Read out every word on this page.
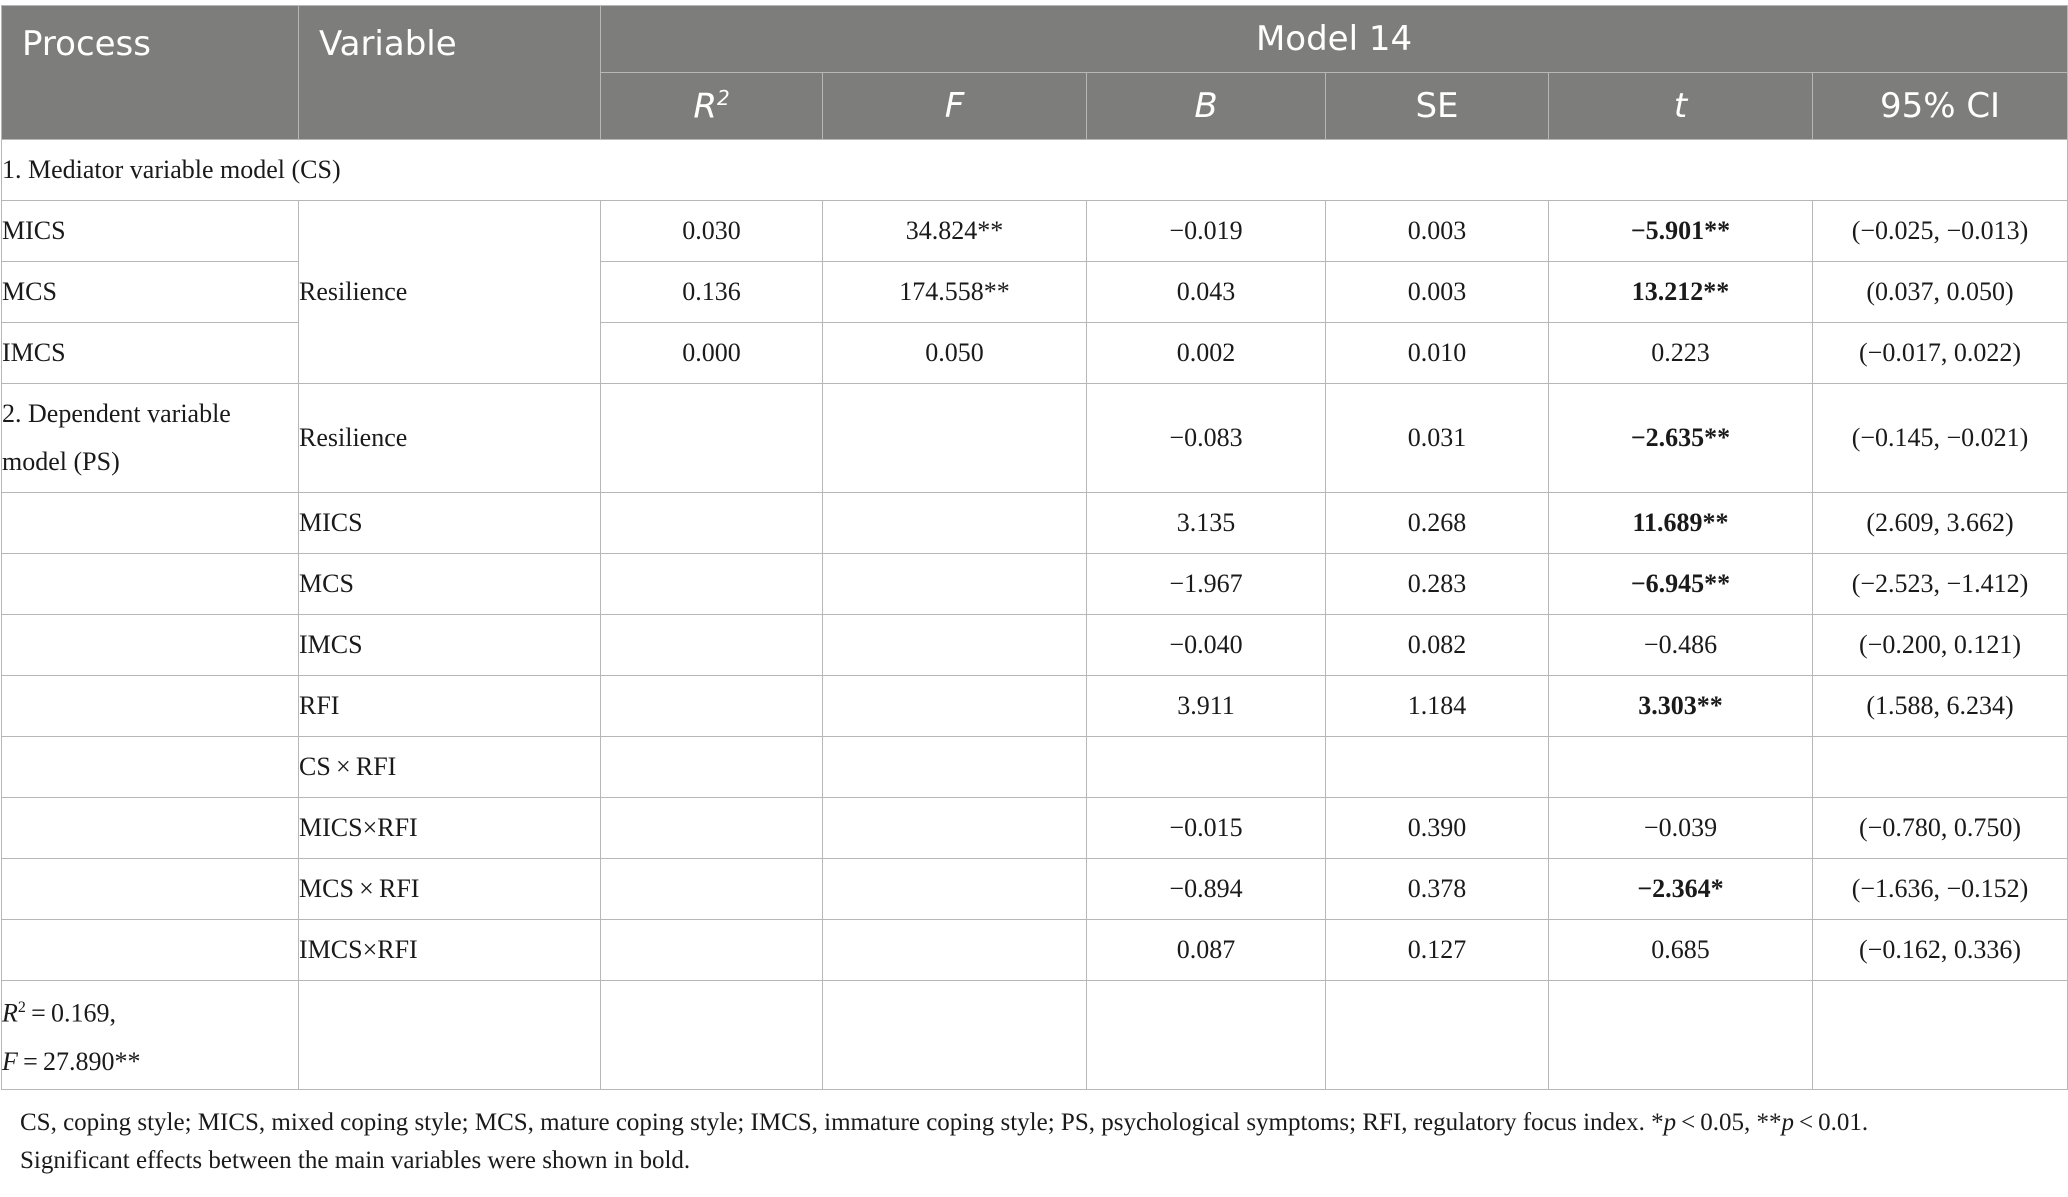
Process	Variable	Model 14					
		$R^2$	F	B	SE	t	95% CI
1. Mediator variable model (CS)							
MICS	Resilience	0.030	34.824**	−0.019	0.003	−5.901**	(−0.025, −0.013)
MCS		0.136	174.558**	0.043	0.003	13.212**	(0.037, 0.050)
IMCS		0.000	0.050	0.002	0.010	0.223	(−0.017, 0.022)
2. Dependent variable
model (PS)	Resilience			−0.083	0.031	−2.635**	(−0.145, −0.021)
	MICS			3.135	0.268	11.689**	(2.609, 3.662)
	MCS			−1.967	0.283	−6.945**	(−2.523, −1.412)
	IMCS			−0.040	0.082	−0.486	(−0.200, 0.121)
	RFI			3.911	1.184	3.303**	(1.588, 6.234)
	CS × RFI						
	MICS×RFI			−0.015	0.390	−0.039	(−0.780, 0.750)
	MCS × RFI			−0.894	0.378	−2.364*	(−1.636, −0.152)
	IMCS×RFI			0.087	0.127	0.685	(−0.162, 0.336)
$R^2 = 0.169$,
F = 27.890**							
CS, coping style; MICS, mixed coping style; MCS, mature coping style; IMCS, immature coping style; PS, psychological symptoms; RFI, regulatory focus index. *p < 0.05, **p < 0.01.
Significant effects between the main variables were shown in bold.
